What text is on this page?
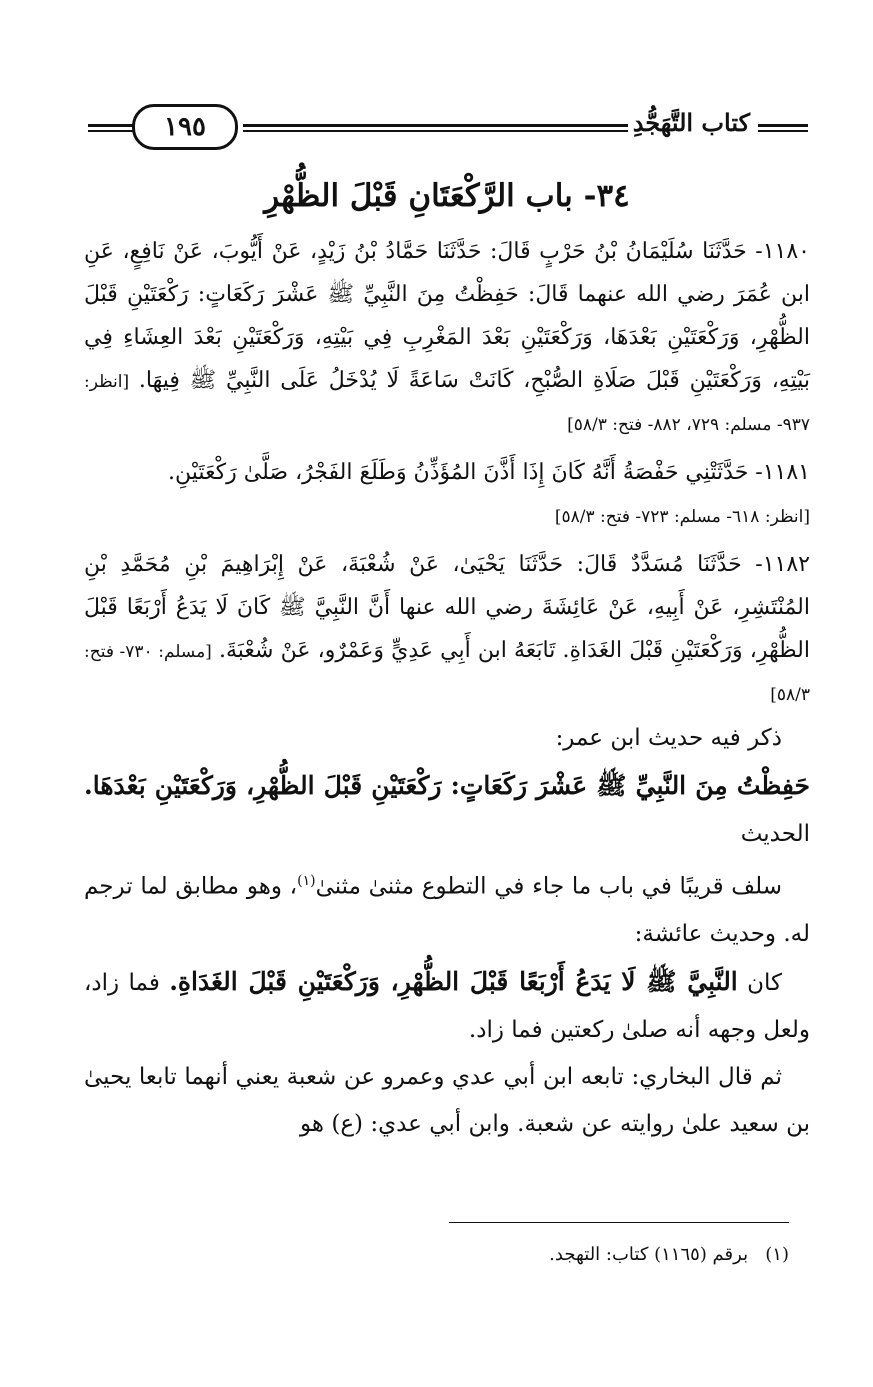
كتاب التَّهَجُّدِ
١٩٥
٣٤- باب الرَّكْعَتَانِ قَبْلَ الظُّهْرِ

١١٨٠- حَدَّثَنَا سُلَيْمَانُ بْنُ حَرْبٍ قَالَ: حَدَّثَنَا حَمَّادُ بْنُ زَيْدٍ، عَنْ أَيُّوبَ، عَنْ نَافِعٍ، عَنِ ابن عُمَرَ رضي الله عنهما قَالَ: حَفِظْتُ مِنَ النَّبِيِّ ﷺ عَشْرَ رَكَعَاتٍ: رَكْعَتَيْنِ قَبْلَ الظُّهْرِ، وَرَكْعَتَيْنِ بَعْدَهَا، وَرَكْعَتَيْنِ بَعْدَ المَغْرِبِ فِي بَيْتِهِ، وَرَكْعَتَيْنِ بَعْدَ العِشَاءِ فِي بَيْتِهِ، وَرَكْعَتَيْنِ قَبْلَ صَلَاةِ الصُّبْحِ، كَانَتْ سَاعَةً لَا يُدْخَلُ عَلَى النَّبِيِّ ﷺ فِيهَا. [انظر: ٩٣٧- مسلم: ٧٢٩، ٨٨٢- فتح: ٥٨/٣]

١١٨١- حَدَّثَتْنِي حَفْصَةُ أَنَّهُ كَانَ إِذَا أَذَّنَ المُؤَذِّنُ وَطَلَعَ الفَجْرُ، صَلَّىٰ رَكْعَتَيْنِ.
[انظر: ٦١٨- مسلم: ٧٢٣- فتح: ٥٨/٣]

١١٨٢- حَدَّثَنَا مُسَدَّدٌ قَالَ: حَدَّثَنَا يَحْيَىٰ، عَنْ شُعْبَةَ، عَنْ إِبْرَاهِيمَ بْنِ مُحَمَّدِ بْنِ المُنْتَشِرِ، عَنْ أَبِيهِ، عَنْ عَائِشَةَ رضي الله عنها أَنَّ النَّبِيَّ ﷺ كَانَ لَا يَدَعُ أَرْبَعًا قَبْلَ الظُّهْرِ، وَرَكْعَتَيْنِ قَبْلَ الغَدَاةِ. تَابَعَهُ ابن أَبِي عَدِيٍّ وَعَمْرٌو، عَنْ شُعْبَةَ. [مسلم: ٧٣٠- فتح: ٥٨/٣]

ذكر فيه حديث ابن عمر:

حَفِظْتُ مِنَ النَّبِيِّ ﷺ عَشْرَ رَكَعَاتٍ: رَكْعَتَيْنِ قَبْلَ الظُّهْرِ، وَرَكْعَتَيْنِ بَعْدَهَا. الحديث

سلف قريبًا في باب ما جاء في التطوع مثنىٰ مثنىٰ$^{(١)}$، وهو مطابق لما ترجم له. وحديث عائشة:

كان النَّبِيَّ ﷺ لَا يَدَعُ أَرْبَعًا قَبْلَ الظُّهْرِ، وَرَكْعَتَيْنِ قَبْلَ الغَدَاةِ. فما زاد، ولعل وجهه أنه صلىٰ ركعتين فما زاد.

ثم قال البخاري: تابعه ابن أبي عدي وعمرو عن شعبة يعني أنهما تابعا يحيىٰ بن سعيد علىٰ روايته عن شعبة. وابن أبي عدي: (ع) هو

(١)   برقم (١١٦٥) كتاب: التهجد.
